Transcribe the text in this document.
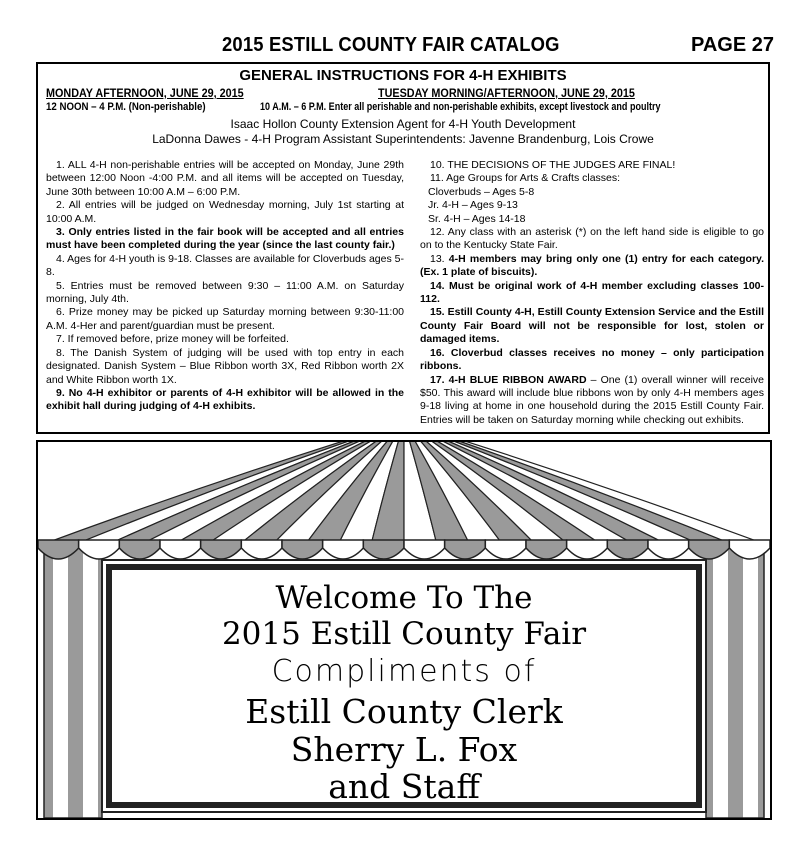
2015 ESTILL COUNTY FAIR CATALOG	PAGE 27
GENERAL INSTRUCTIONS FOR 4-H EXHIBITS
MONDAY AFTERNOON, JUNE 29, 2015	TUESDAY MORNING/AFTERNOON, JUNE 29, 2015
12 NOON – 4 P.M. (Non-perishable)	10 A.M. – 6 P.M. Enter all perishable and non-perishable exhibits, except livestock and poultry
Isaac Hollon County Extension Agent for 4-H Youth Development
LaDonna Dawes - 4-H Program Assistant Superintendents: Javenne Brandenburg, Lois Crowe

1. ALL 4-H non-perishable entries will be accepted on Monday, June 29th between 12:00 Noon -4:00 P.M. and all items will be accepted on Tuesday, June 30th between 10:00 A.M – 6:00 P.M.

2. All entries will be judged on Wednesday morning, July 1st starting at 10:00 A.M.

3. Only entries listed in the fair book will be accepted and all entries must have been completed during the year (since the last county fair.)

4. Ages for 4-H youth is 9-18. Classes are available for Cloverbuds ages 5-8.

5. Entries must be removed between 9:30 – 11:00 A.M. on Saturday morning, July 4th.

6. Prize money may be picked up Saturday morning between 9:30-11:00 A.M. 4-Her and parent/guardian must be present.

7. If removed before, prize money will be forfeited.

8. The Danish System of judging will be used with top entry in each designated. Danish System – Blue Ribbon worth 3X, Red Ribbon worth 2X and White Ribbon worth 1X.

9. No 4-H exhibitor or parents of 4-H exhibitor will be allowed in the exhibit hall during judging of 4-H exhibits.

10. THE DECISIONS OF THE JUDGES ARE FINAL!

11. Age Groups for Arts & Crafts classes:

Cloverbuds – Ages 5-8

Jr. 4-H – Ages 9-13

Sr. 4-H – Ages 14-18

12. Any class with an asterisk (*) on the left hand side is eligible to go on to the Kentucky State Fair.

13. 4-H members may bring only one (1) entry for each category. (Ex. 1 plate of biscuits).

14. Must be original work of 4-H member excluding classes 100-112.

15. Estill County 4-H, Estill County Extension Service and the Estill County Fair Board will not be responsible for lost, stolen or damaged items.

16. Cloverbud classes receives no money – only participation ribbons.

17. 4-H BLUE RIBBON AWARD – One (1) overall winner will receive $50. This award will include blue ribbons won by only 4-H members ages 9-18 living at home in one household during the 2015 Estill County Fair. Entries will be taken on Saturday morning while checking out exhibits.

Welcome To The
2015 Estill County Fair
Compliments of
Estill County Clerk
Sherry L. Fox
and Staff
